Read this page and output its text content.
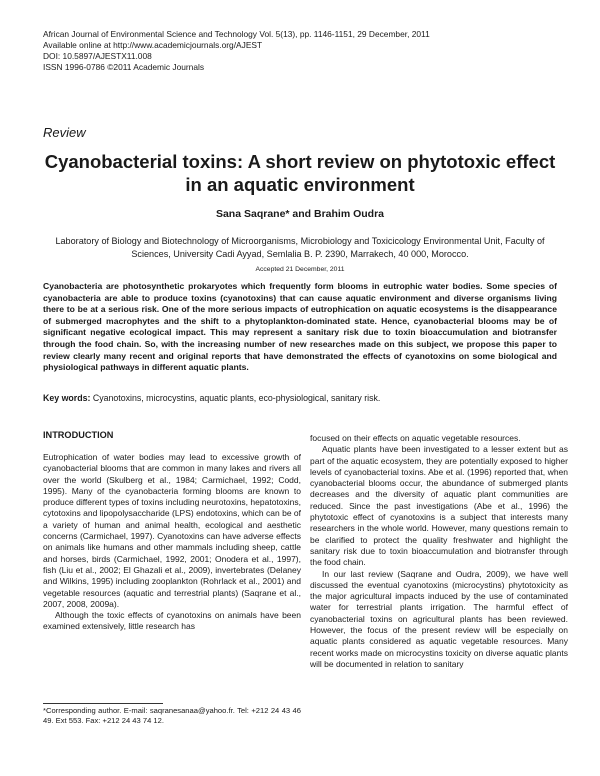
African Journal of Environmental Science and Technology Vol. 5(13), pp. 1146-1151, 29 December, 2011
Available online at http://www.academicjournals.org/AJEST
DOI: 10.5897/AJESTX11.008
ISSN 1996-0786 ©2011 Academic Journals
Review
Cyanobacterial toxins: A short review on phytotoxic effect in an aquatic environment
Sana Saqrane* and Brahim Oudra
Laboratory of Biology and Biotechnology of Microorganisms, Microbiology and Toxicicology Environmental Unit, Faculty of Sciences, University Cadi Ayyad, Semlalia B. P. 2390, Marrakech, 40 000, Morocco.
Accepted 21 December, 2011
Cyanobacteria are photosynthetic prokaryotes which frequently form blooms in eutrophic water bodies. Some species of cyanobacteria are able to produce toxins (cyanotoxins) that can cause aquatic environment and diverse organisms living there to be at a serious risk. One of the more serious impacts of eutrophication on aquatic ecosystems is the disappearance of submerged macrophytes and the shift to a phytoplankton-dominated state. Hence, cyanobacterial blooms may be of significant negative ecological impact. This may represent a sanitary risk due to toxin bioaccumulation and biotransfer through the food chain. So, with the increasing number of new researches made on this subject, we propose this paper to review clearly many recent and original reports that have demonstrated the effects of cyanotoxins on some biological and physiological pathways in different aquatic plants.
Key words: Cyanotoxins, microcystins, aquatic plants, eco-physiological, sanitary risk.
INTRODUCTION

Eutrophication of water bodies may lead to excessive growth of cyanobacterial blooms that are common in many lakes and rivers all over the world (Skulberg et al., 1984; Carmichael, 1992; Codd, 1995). Many of the cyanobacteria forming blooms are known to produce different types of toxins including neurotoxins, hepatotoxins, cytotoxins and lipopolysaccharide (LPS) endotoxins, which can be of a variety of human and animal health, ecological and aesthetic concerns (Carmichael, 1997). Cyanotoxins can have adverse effects on animals like humans and other mammals including sheep, cattle and horses, birds (Carmichael, 1992, 2001; Onodera et al., 1997), fish (Liu et al., 2002; El Ghazali et al., 2009), invertebrates (Delaney and Wilkins, 1995) including zooplankton (Rohrlack et al., 2001) and vegetable resources (aquatic and terrestrial plants) (Saqrane et al., 2007, 2008, 2009a).

Although the toxic effects of cyanotoxins on animals have been examined extensively, little research has

*Corresponding author. E-mail: saqranesanaa@yahoo.fr. Tel: +212 24 43 46 49. Ext 553. Fax: +212 24 43 74 12.

focused on their effects on aquatic vegetable resources.

Aquatic plants have been investigated to a lesser extent but as part of the aquatic ecosystem, they are potentially exposed to higher levels of cyanobacterial toxins. Abe et al. (1996) reported that, when cyanobacterial blooms occur, the abundance of submerged plants decreases and the diversity of aquatic plant communities are reduced. Since the past investigations (Abe et al., 1996) the phytotoxic effect of cyanotoxins is a subject that interests many researchers in the whole world. However, many questions remain to be clarified to protect the quality freshwater and highlight the sanitary risk due to toxin bioaccumulation and biotransfer through the food chain.

In our last review (Saqrane and Oudra, 2009), we have well discussed the eventual cyanotoxins (microcystins) phytotoxicity as the major agricultural impacts induced by the use of contaminated water for terrestrial plants irrigation. The harmful effect of cyanobacterial toxins on agricultural plants has been reviewed. However, the focus of the present review will be especially on aquatic plants considered as aquatic vegetable resources. Many recent works made on microcystins toxicity on diverse aquatic plants will be documented in relation to sanitary
